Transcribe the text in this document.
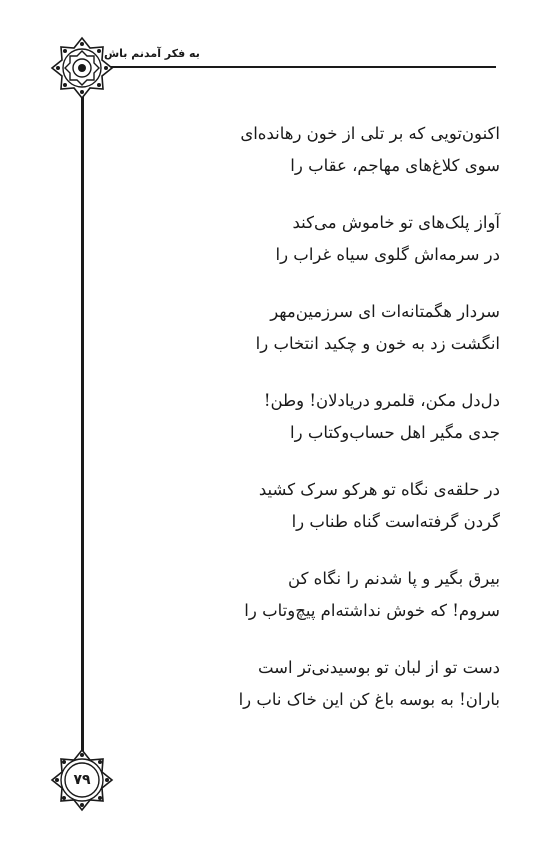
به فکر آمدنم باش
اکنون‌تویی که بر تلی از خون رهانده‌ای
سوی کلاغ‌های مهاجم، عقاب را
آواز پلک‌های تو خاموش می‌کند
در سرمه‌اش گلوی سیاه غراب را
سردار هگمتانه‌ات ای سرزمین‌مهر
انگشت زد به خون و چکید انتخاب را
دل‌دل مکن، قلمرو دریادلان! وطن!
جدی مگیر اهل حساب‌وکتاب را
در حلقه‌ی نگاه تو هرکو سرک کشید
گردن گرفته‌است گناه طناب را
بیرق بگیر و پا شدنم را نگاه کن
سروم! که خوش نداشته‌ام پیچ‌وتاب را
دست تو از لبان تو بوسیدنی‌تر است
باران! به بوسه باغ کن این خاک ناب را
۷۹
